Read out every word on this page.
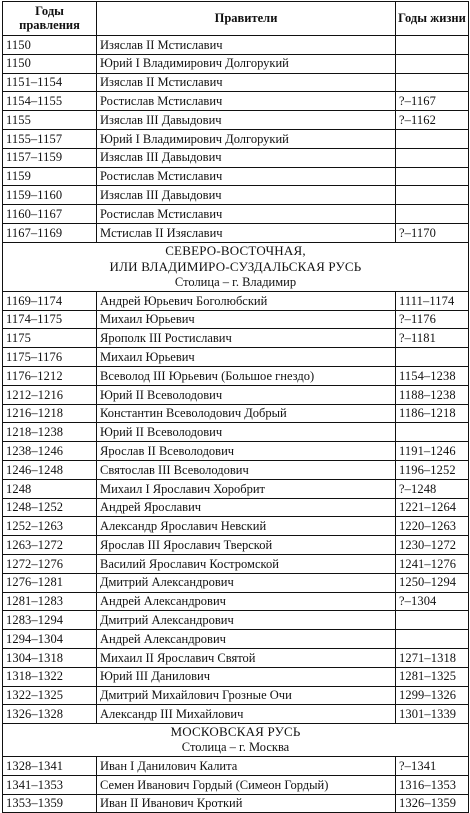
Годы правления	Правители	Годы жизни
1150	Изяслав II Мстиславич	
1150	Юрий I Владимирович Долгорукий	
1151–1154	Изяслав II Мстиславич	
1154–1155	Ростислав Мстиславич	?–1167
1155	Изяслав III Давыдович	?–1162
1155–1157	Юрий I Владимирович Долгорукий	
1157–1159	Изяслав III Давыдович	
1159	Ростислав Мстиславич	
1159–1160	Изяслав III Давыдович	
1160–1167	Ростислав Мстиславич	
1167–1169	Мстислав II Изяславич	?–1170

СЕВЕРО-ВОСТОЧНАЯ,
ИЛИ ВЛАДИМИРО-СУЗДАЛЬСКАЯ РУСЬ
Столица – г. Владимир		

1169–1174	Андрей Юрьевич Боголюбский	1111–1174
1174–1175	Михаил Юрьевич	?–1176
1175	Ярополк III Ростиславич	?–1181
1175–1176	Михаил Юрьевич	
1176–1212	Всеволод III Юрьевич (Большое гнездо)	1154–1238
1212–1216	Юрий II Всеволодович	1188–1238
1216–1218	Константин Всеволодович Добрый	1186–1218
1218–1238	Юрий II Всеволодович	
1238–1246	Ярослав II Всеволодович	1191–1246
1246–1248	Святослав III Всеволодович	1196–1252
1248	Михаил I Ярославич Хоробрит	?–1248
1248–1252	Андрей Ярославич	1221–1264
1252–1263	Александр Ярославич Невский	1220–1263
1263–1272	Ярослав III Ярославич Тверской	1230–1272
1272–1276	Василий Ярославич Костромской	1241–1276
1276–1281	Дмитрий Александрович	1250–1294
1281–1283	Андрей Александрович	?–1304
1283–1294	Дмитрий Александрович	
1294–1304	Андрей Александрович	
1304–1318	Михаил II Ярославич Святой	1271–1318
1318–1322	Юрий III Данилович	1281–1325
1322–1325	Дмитрий Михайлович Грозные Очи	1299–1326
1326–1328	Александр III Михайлович	1301–1339

МОСКОВСКАЯ РУСЬ
Столица – г. Москва		

1328–1341	Иван I Данилович Калита	?–1341
1341–1353	Семен Иванович Гордый (Симеон Гордый)	1316–1353
1353–1359	Иван II Иванович Кроткий	1326–1359
